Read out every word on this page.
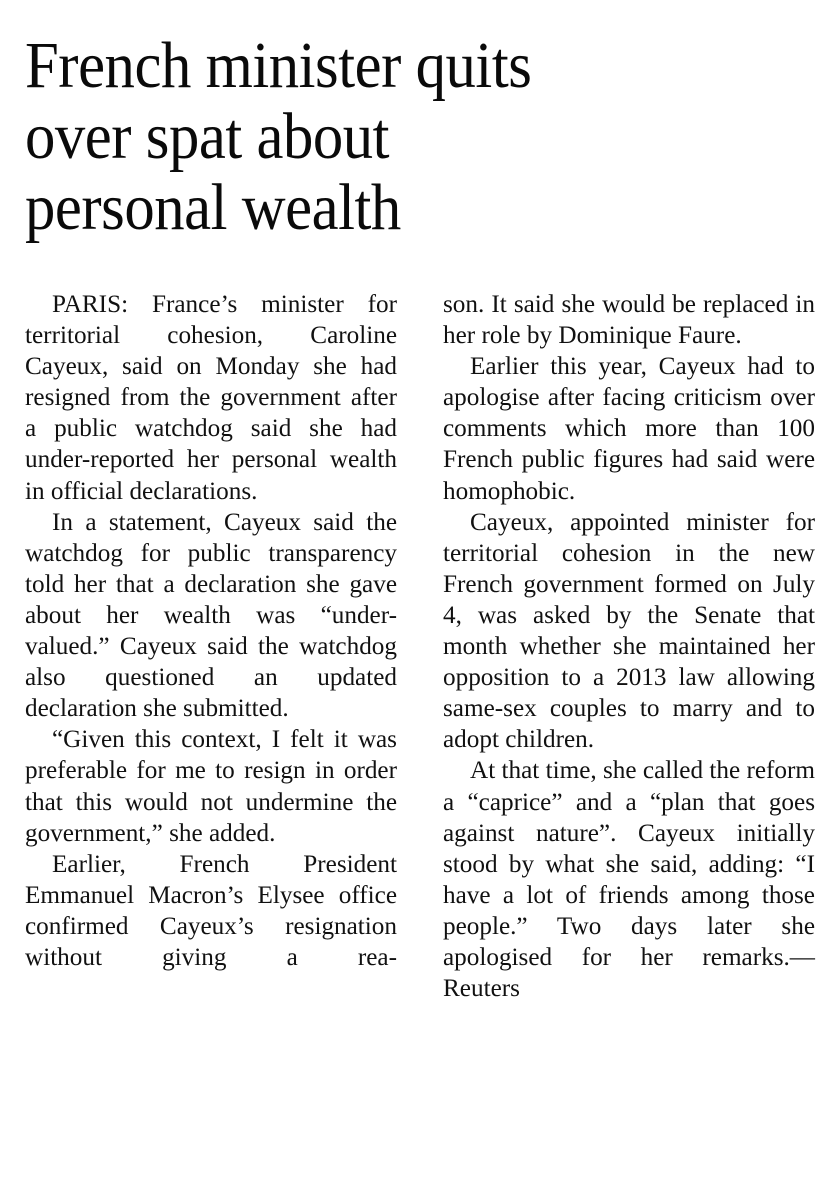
French minister quits
over spat about
personal wealth

PARIS: France’s minister for territorial cohesion, Caroline Cayeux, said on Monday she had resigned from the government after a public watchdog said she had under-reported her personal wealth in official declarations.

In a statement, Cayeux said the watchdog for public transparency told her that a declaration she gave about her wealth was “under-valued.” Cayeux said the watchdog also questioned an updated declaration she submitted.

“Given this context, I felt it was preferable for me to resign in order that this would not undermine the government,” she added.

Earlier, French President Emmanuel Macron’s Elysee office confirmed Cayeux’s resignation without giving a rea-

son. It said she would be replaced in her role by Dominique Faure.

Earlier this year, Cayeux had to apologise after facing criticism over comments which more than 100 French public figures had said were homophobic.

Cayeux, appointed minister for territorial cohesion in the new French government formed on July 4, was asked by the Senate that month whether she maintained her opposition to a 2013 law allowing same-sex couples to marry and to adopt children.

At that time, she called the reform a “caprice” and a “plan that goes against nature”. Cayeux initially stood by what she said, adding: “I have a lot of friends among those people.” Two days later she apologised for her remarks.—Reuters
